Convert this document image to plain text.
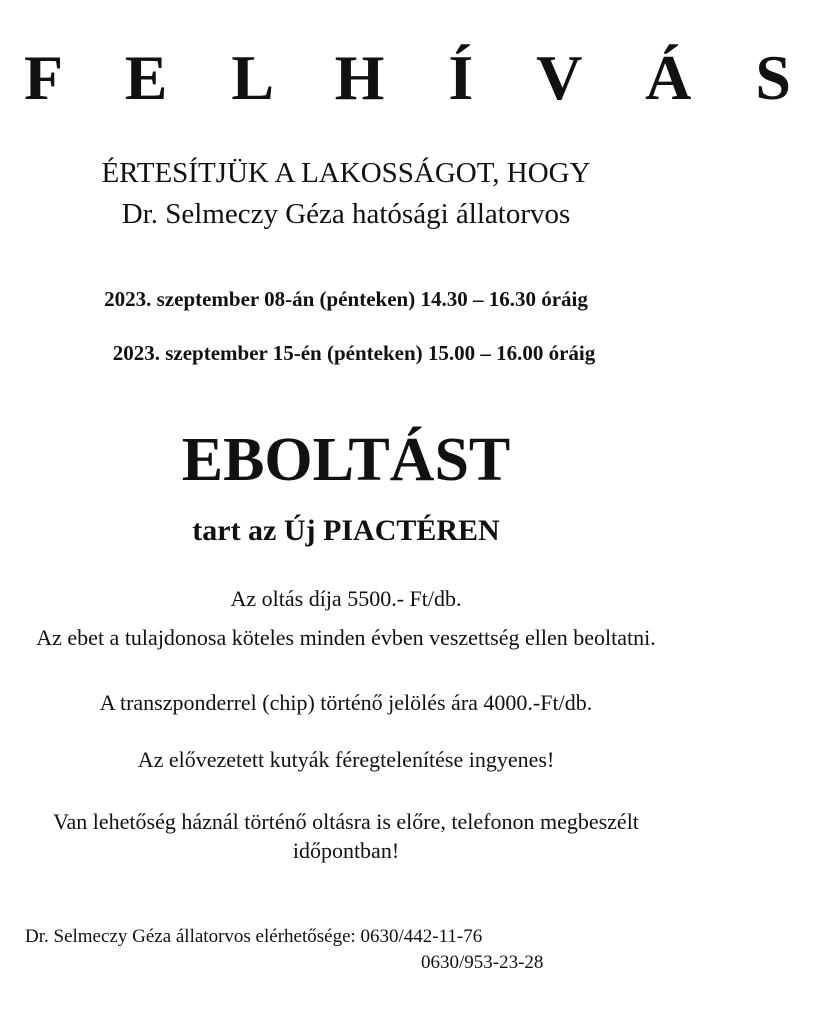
F E L H Í V Á S

ÉRTESÍTJÜK A LAKOSSÁGOT, HOGY

Dr. Selmeczy Géza hatósági állatorvos

2023. szeptember 08-án (pénteken) 14.30 – 16.30 óráig

2023. szeptember 15-én (pénteken) 15.00 – 16.00 óráig

EBOLTÁST

tart az Új PIACTÉREN

Az oltás díja 5500.- Ft/db.

Az ebet a tulajdonosa köteles minden évben veszettség ellen beoltatni.

A transzponderrel (chip) történő jelölés ára 4000.-Ft/db.

Az elővezetett kutyák féregtelenítése ingyenes!

Van lehetőség háznál történő oltásra is előre, telefonon megbeszélt időpontban!

Dr. Selmeczy Géza állatorvos elérhetősége: 0630/442-11-76
0630/953-23-28
